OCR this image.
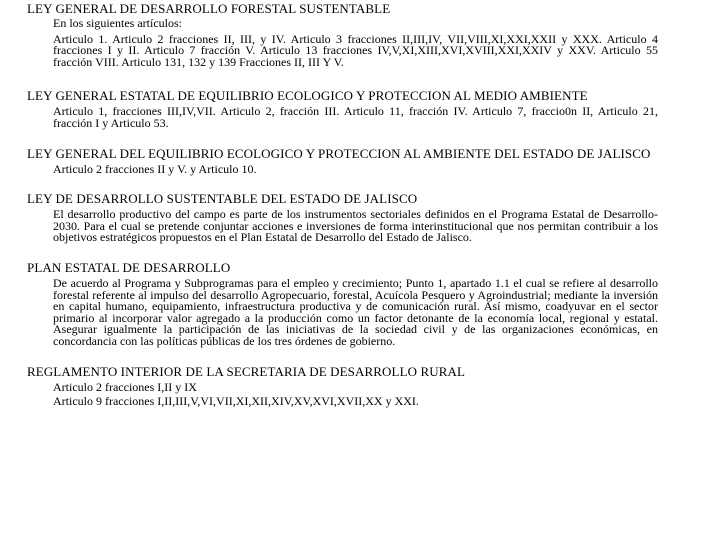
LEY GENERAL DE DESARROLLO FORESTAL SUSTENTABLE

En los siguientes artículos:

Articulo 1. Articulo 2 fracciones II, III, y IV. Articulo 3 fracciones II,III,IV, VII,VIII,XI,XXI,XXII y XXX. Articulo 4 fracciones I y II. Articulo 7 fracción V. Articulo 13 fracciones IV,V,XI,XIII,XVI,XVIII,XXI,XXIV y XXV. Articulo 55 fracción VIII. Articulo 131, 132 y 139 Fracciones II, III Y V.

LEY GENERAL ESTATAL DE EQUILIBRIO ECOLOGICO Y PROTECCION AL MEDIO AMBIENTE

Articulo 1, fracciones III,IV,VII. Articulo 2, fracción III. Articulo 11, fracción IV. Articulo 7, fraccio0n II, Articulo 21, fracción I y Articulo 53.

LEY GENERAL DEL EQUILIBRIO ECOLOGICO Y PROTECCION AL AMBIENTE DEL ESTADO DE JALISCO

Articulo 2 fracciones II y V. y Articulo 10.

LEY DE DESARROLLO SUSTENTABLE DEL ESTADO DE JALISCO

El desarrollo productivo del campo es parte de los instrumentos sectoriales definidos en el Programa Estatal de Desarrollo-2030. Para el cual se pretende conjuntar acciones e inversiones de forma interinstitucional que nos permitan contribuir a los objetivos estratégicos propuestos en el Plan Estatal de Desarrollo del Estado de Jalisco.

PLAN ESTATAL DE DESARROLLO

De acuerdo al Programa y Subprogramas para el empleo y crecimiento; Punto 1, apartado 1.1 el cual se refiere al desarrollo forestal referente al impulso del desarrollo Agropecuario, forestal, Acuícola Pesquero y Agroindustrial; mediante la inversión en capital humano, equipamiento, infraestructura productiva y de comunicación rural. Así mismo, coadyuvar en el sector primario al incorporar valor agregado a la producción como un factor detonante de la economía local, regional y estatal. Asegurar igualmente la participación de las iniciativas de la sociedad civil y de las organizaciones económicas, en concordancia con las políticas públicas de los tres órdenes de gobierno.

REGLAMENTO INTERIOR DE LA SECRETARIA DE DESARROLLO RURAL

Articulo 2 fracciones I,II y IX

Articulo 9 fracciones I,II,III,V,VI,VII,XI,XII,XIV,XV,XVI,XVII,XX y XXI.
